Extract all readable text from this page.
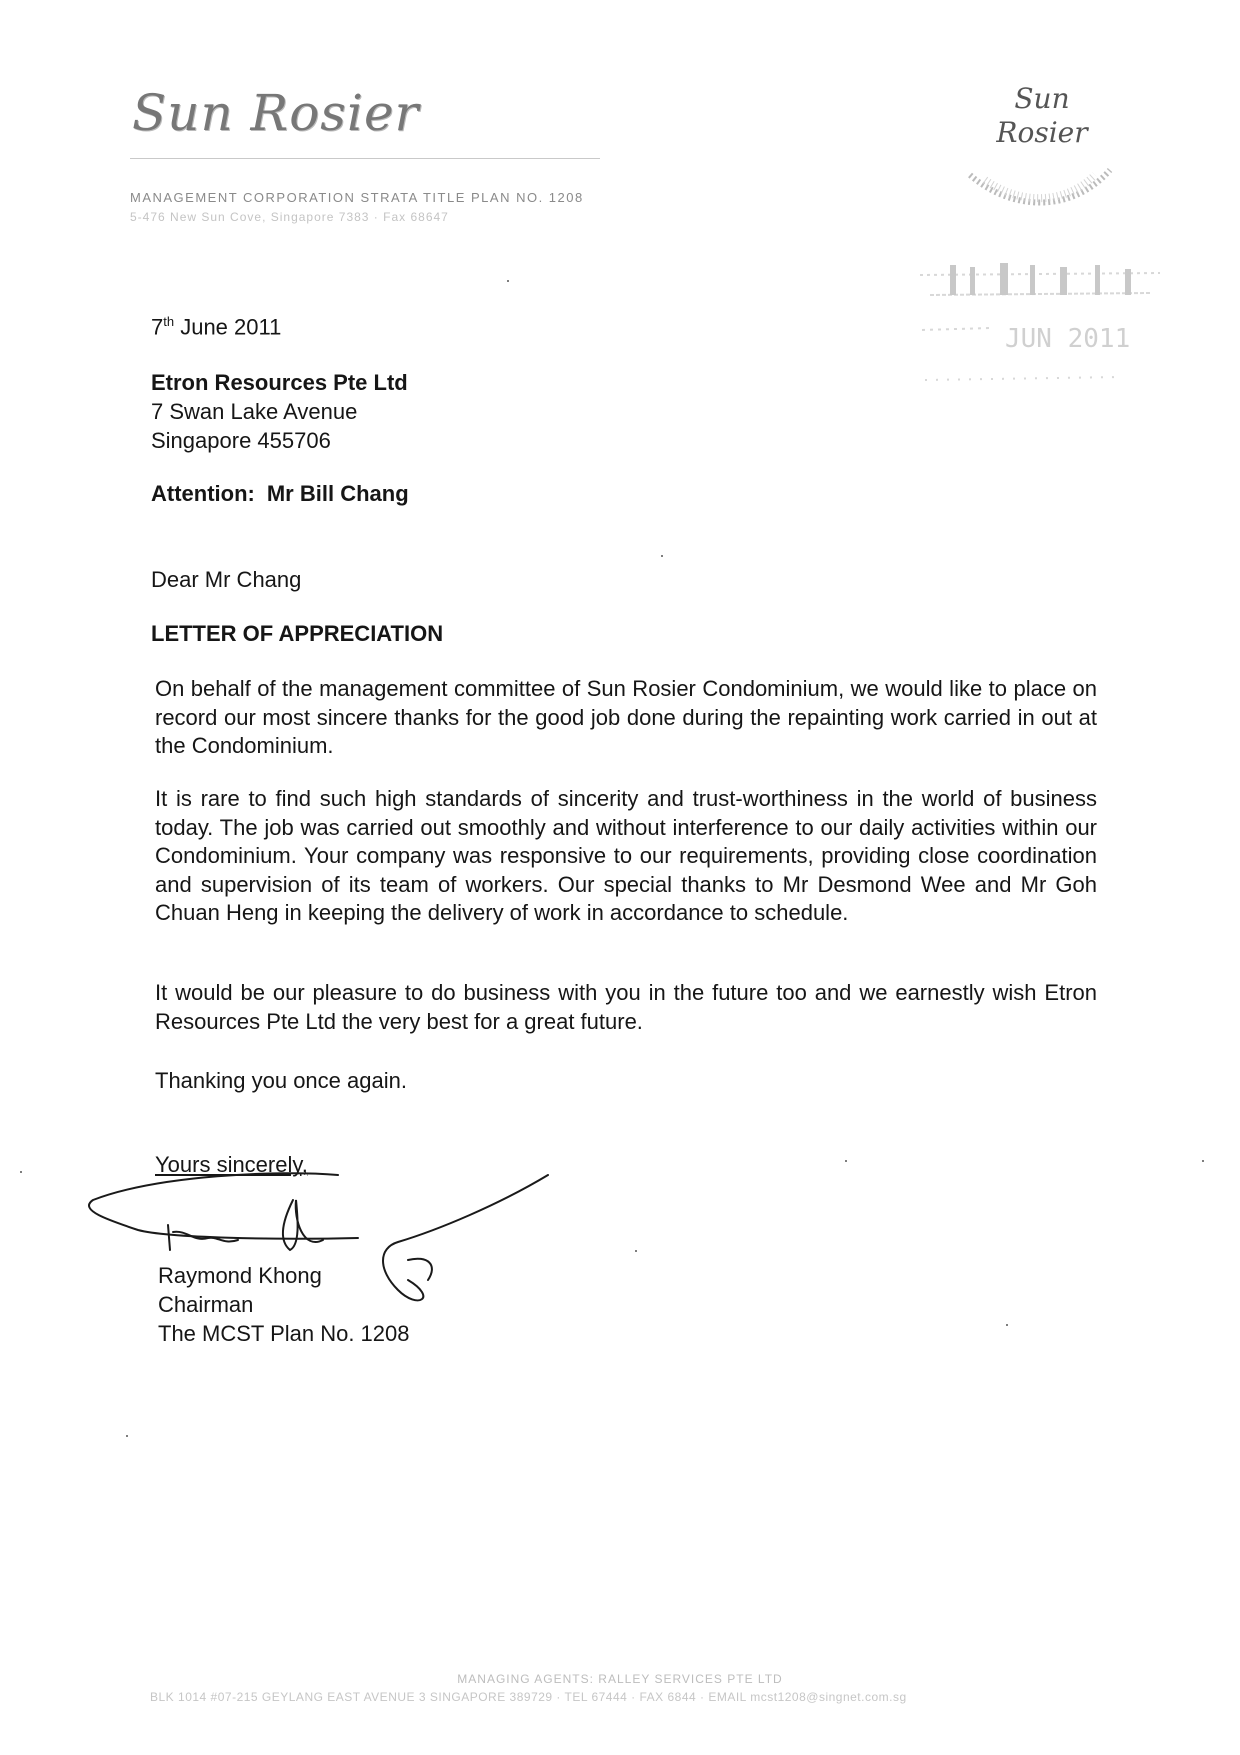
Sun Rosier
MANAGEMENT CORPORATION STRATA TITLE PLAN NO. 1208
5-476 New Sun Cove, Singapore 7383 · Fax 68647
Sun
Rosier
JUN 2011
7th June 2011
Etron Resources Pte Ltd
7 Swan Lake Avenue
Singapore 455706
Attention: Mr Bill Chang
Dear Mr Chang
LETTER OF APPRECIATION
On behalf of the management committee of Sun Rosier Condominium, we would like to place on record our most sincere thanks for the good job done during the repainting work carried in out at the Condominium.
It is rare to find such high standards of sincerity and trust-worthiness in the world of business today. The job was carried out smoothly and without interference to our daily activities within our Condominium. Your company was responsive to our requirements, providing close coordination and supervision of its team of workers. Our special thanks to Mr Desmond Wee and Mr Goh Chuan Heng in keeping the delivery of work in accordance to schedule.
It would be our pleasure to do business with you in the future too and we earnestly wish Etron Resources Pte Ltd the very best for a great future.
Thanking you once again.
Yours sincerely,
Raymond Khong
Chairman
The MCST Plan No. 1208
MANAGING AGENTS: RALLEY SERVICES PTE LTD
BLK 1014 #07-215 GEYLANG EAST AVENUE 3 SINGAPORE 389729 · TEL 67444 · FAX 6844 · EMAIL mcst1208@singnet.com.sg
